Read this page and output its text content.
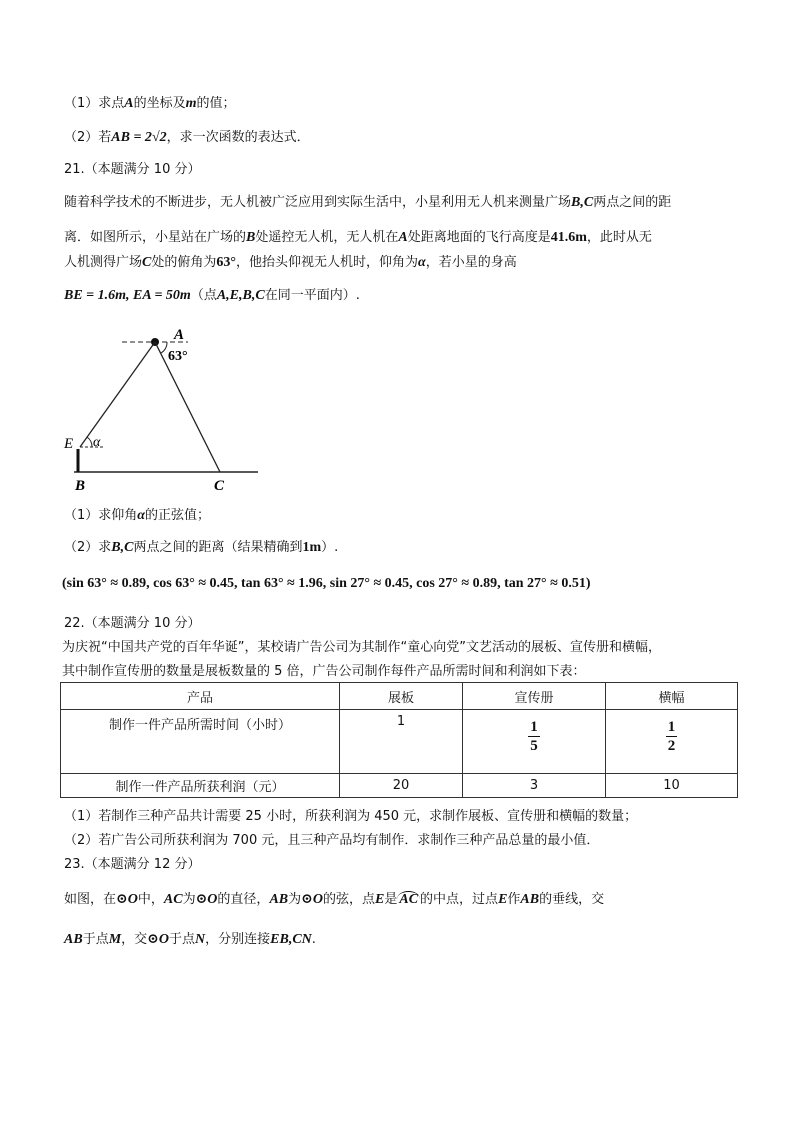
（1）求点A的坐标及m的值；
（2）若AB = 2√2，求一次函数的表达式．
21.（本题满分 10 分）
随着科学技术的不断进步，无人机被广泛应用到实际生活中，小星利用无人机来测量广场B,C两点之间的距
离．如图所示，小星站在广场的B处遥控无人机，无人机在A处距离地面的飞行高度是41.6m，此时从无
人机测得广场C处的俯角为63°，他抬头仰视无人机时，仰角为α，若小星的身高
BE = 1.6m, EA = 50m（点A,E,B,C在同一平面内）.
A
63°
E α
B	C
（1）求仰角α的正弦值；
（2）求B,C两点之间的距离（结果精确到1m）.
(sin 63° ≈ 0.89, cos 63° ≈ 0.45, tan 63° ≈ 1.96, sin 27° ≈ 0.45, cos 27° ≈ 0.89, tan 27° ≈ 0.51)
22.（本题满分 10 分）
为庆祝“中国共产党的百年华诞”，某校请广告公司为其制作“童心向党”文艺活动的展板、宣传册和横幅，
其中制作宣传册的数量是展板数量的 5 倍，广告公司制作每件产品所需时间和利润如下表：
产品	展板	宣传册	横幅

制作一件产品所需时间（小时）	1	$\frac{1}{5}$	$\frac{1}{2}$

制作一件产品所获利润（元）	20	3	10
（1）若制作三种产品共计需要 25 小时，所获利润为 450 元，求制作展板、宣传册和横幅的数量；
（2）若广告公司所获利润为 700 元，且三种产品均有制作．求制作三种产品总量的最小值．
23.（本题满分 12 分）
如图，在⊙O中，AC为⊙O的直径，AB为⊙O的弦，点E是 AC 的中点，过点E作AB的垂线，交
AB于点M，交⊙O于点N，分别连接EB,CN.
